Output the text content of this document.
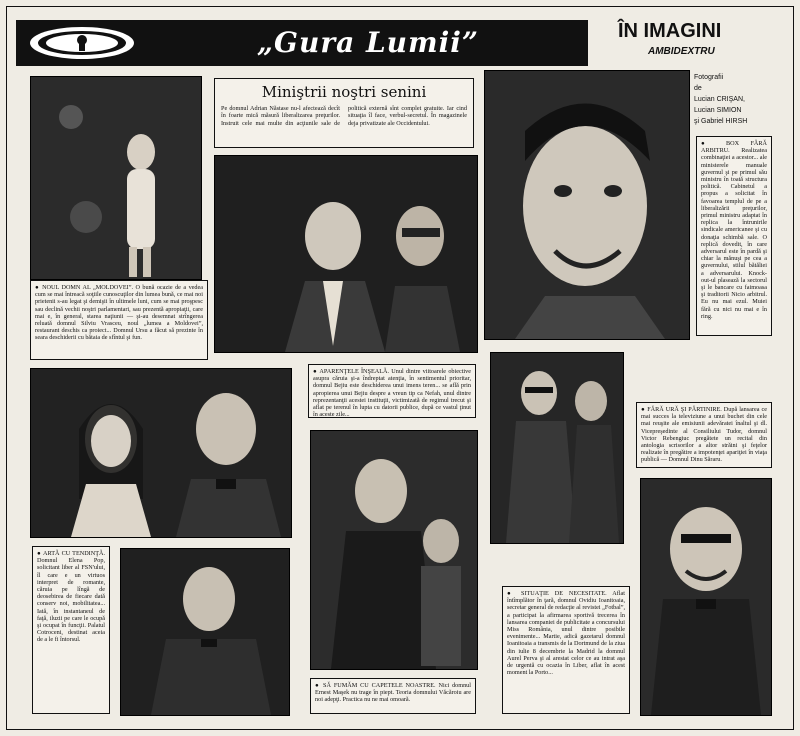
„Gura Lumii”	ÎN IMAGINI
AMBIDEXTRU
Fotografii
de
Lucian CRIŞAN,
Lucian SIMION
şi Gabriel HIRSH
Miniştrii noştri senini

Pe domnul Adrian Năstase nu-l afectează decît în foarte mică măsură liberalizarea preţurilor. Instruit cele mai multe din acţiunile sale de politică externă sînt complet gratuite. Iar cind situaţia îl face, verbul-secretul. În magazinele deja privatizate ale Occidentului.

● NOUL DOMN AL „MOLDOVEI”. O bună ocazie de a vedea cum se mai întreacă soţiile cunoscuţilor din lumea bună, ce mai noi prietenii s-au legat şi demişii în ultimele luni, cum se mai proşpesc sau declină vechii noştri parlamentari, sau prezentă apropiaţii, care mai e, în general, starea naţiunii — şi-au desemnat strîngerea reluată domnul Silviu Vrasceu, noul „lumea a Moldovei”, restaurant deschis ca proiect... Domnul Ursu a făcut să prezinte în seara deschiderii cu bătaia de sfîntul şi fun.
● BOX FĂRĂ ARBITRU. Realizatea combinaţiei a acestor... ale ministerele manuale guvernul şi pe primul său ministru în toată structura politică. Cabinetul a propus a solicitat în favoarea templul de pe a liberalizării preţurilor, primul ministru adaptat în replica la întrunirile sindicale americanee şi cu donaţia schimbă sale. O replică dovedit, în care adversarul este în pardă şi chiar la mănuşi pe cea a guvernului, stilul bătăliei a adversarului. Knock-out-ul plasează la sectorul şi le bancare cu faimoasa şi traditorii Nicio arbitrul. Eu nu mai ezul. Muiei fără cu nici nu mai e în ring.
● APARENŢELE ÎNŞEALĂ. Unul dintre viitoarele obiective asupra căruia şi-a îndreptat atenţia, în sentimentul prioritar, domnul Bejiu este deschiderea unui imens teren... se află prin apropierea unui Bejiu despre a vreun tip ca Nefah, unul dintre reprezentanţii acestei instituţii, victimizată de regimul trecut şi aflat pe terenul în lupta cu datorii publice, după ce vastul ţinut în aceste zile...
● FĂRĂ URĂ ŞI PĂRTINIRE. După lansarea ce mai succes la televiziune a unui buchet din cele mai reuşite ale emisiunii adevăratei înaltul şi dl. Vicepreşedinte al Consiliului Tudor, domnul Victor Rebengiuc pregătete un recital din antologia scrisorilor a altor străini şi feţelor realizate în pregătire a impotenţei apariţiei în viaţa publică — Domnul Dinu Săraru.
● ARTĂ CU TENDINŢĂ. Domnul Elena Pop, solicitant liber al FSN'ului, îl care e un virtuos interpret de romante, căruia pe lîngă de deosebirea de fiecare dată conserv noi, mobilitatea... Iată, în instantaneul de faţă, iluzii pe care le ocupă şi ocupat în funcţii. Palatul Cotroceni, destinat aceia de a le fi întorsul.
● SITUAŢIE DE NECESITATE. Aflat întîmplător în ţară, domnul Ovidiu Ioanitoaia, secretar general de redacţie al revistei „Fotbal”, a participat la afirmarea sportivă trecerea în lansarea companiei de publicitate a concursului Miss România, unul dintre posibile evenimente... Martie, adică gazetarul domnul Ioanitoaia a transmis de la Dortmund de la ziua din iulie 8 decembrie la Madrid la domnul Aurel Perva şi al arestat celor ce au intrat aşa de urgentă cu ocazia în Liber, aflat în acest moment la Porto...
● SĂ FUMĂM CU CAPETELE NOASTRE. Nici domnul Ernest Maşek nu trage în piept. Teoria domnului Văcăroiu are noi adepţi. Practica nu ne mai omoară.
